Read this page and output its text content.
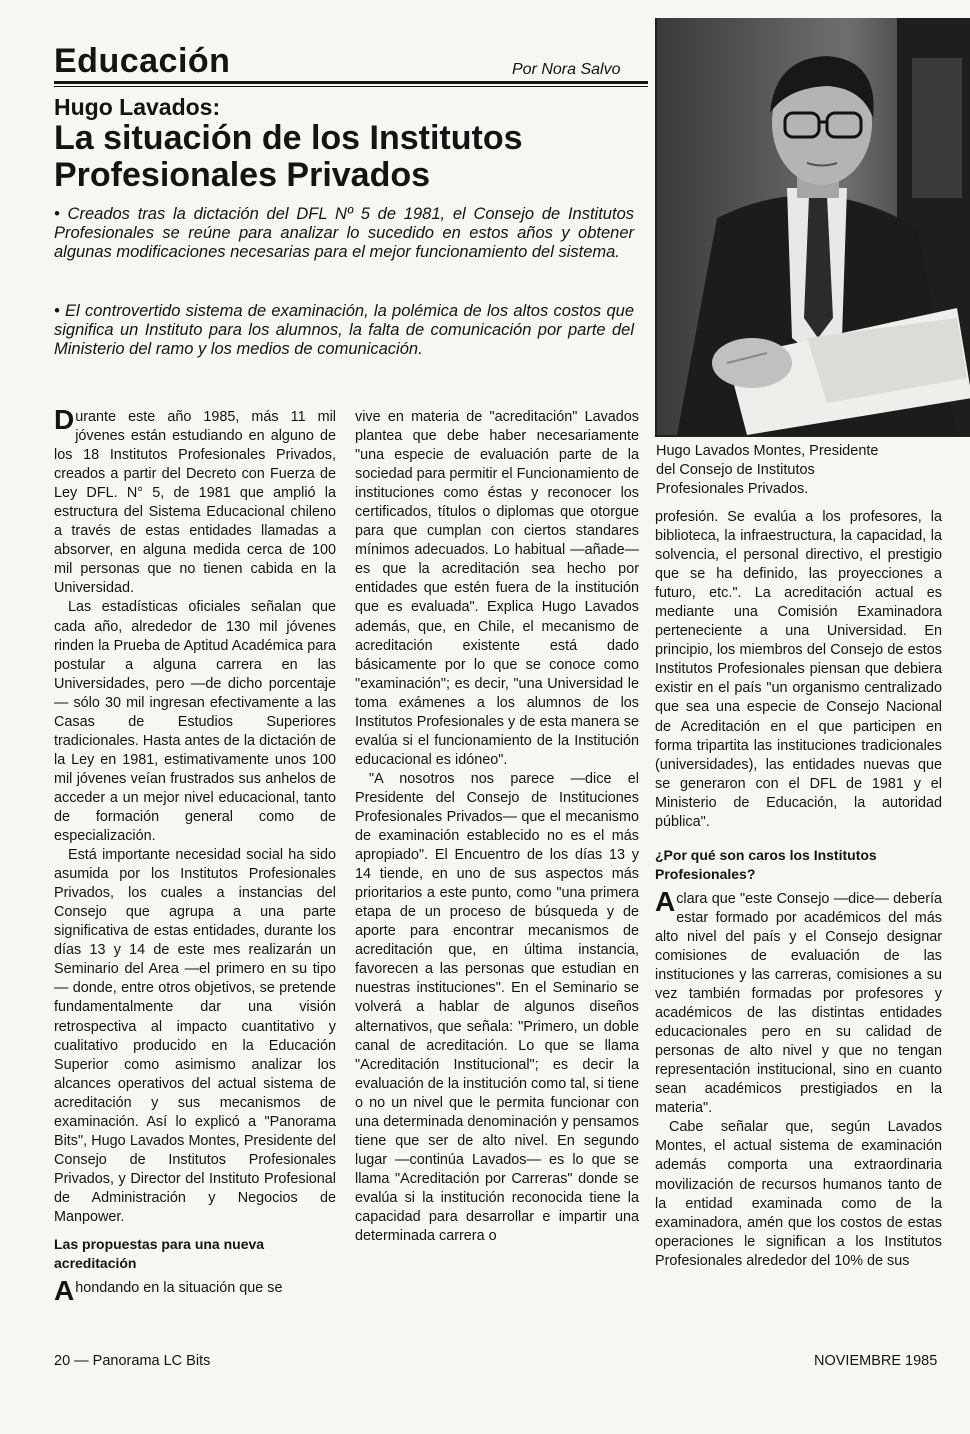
Educación	Por Nora Salvo
Hugo Lavados:
La situación de los Institutos Profesionales Privados
• Creados tras la dictación del DFL Nº 5 de 1981, el Consejo de Institutos Profesionales se reúne para analizar lo sucedido en estos años y obtener algunas modificaciones necesarias para el mejor funcionamiento del sistema.
• El controvertido sistema de examinación, la polémica de los altos costos que significa un Instituto para los alumnos, la falta de comunicación por parte del Ministerio del ramo y los medios de comunicación.
Hugo Lavados Montes, Presidente del Consejo de Institutos Profesionales Privados.

Durante este año 1985, más 11 mil jóvenes están estudiando en alguno de los 18 Institutos Profesionales Privados, creados a partir del Decreto con Fuerza de Ley DFL. N° 5, de 1981 que amplió la estructura del Sistema Educacional chileno a través de estas entidades llamadas a absorver, en alguna medida cerca de 100 mil personas que no tienen cabida en la Universidad.

Las estadísticas oficiales señalan que cada año, alrededor de 130 mil jóvenes rinden la Prueba de Aptitud Académica para postular a alguna carrera en las Universidades, pero —de dicho porcentaje— sólo 30 mil ingresan efectivamente a las Casas de Estudios Superiores tradicionales. Hasta antes de la dictación de la Ley en 1981, estimativamente unos 100 mil jóvenes veían frustrados sus anhelos de acceder a un mejor nivel educacional, tanto de formación general como de especialización.

Está importante necesidad social ha sido asumida por los Institutos Profesionales Privados, los cuales a instancias del Consejo que agrupa a una parte significativa de estas entidades, durante los días 13 y 14 de este mes realizarán un Seminario del Area —el primero en su tipo— donde, entre otros objetivos, se pretende fundamentalmente dar una visión retrospectiva al impacto cuantitativo y cualitativo producido en la Educación Superior como asimismo analizar los alcances operativos del actual sistema de acreditación y sus mecanismos de examinación. Así lo explicó a "Panorama Bits", Hugo Lavados Montes, Presidente del Consejo de Institutos Profesionales Privados, y Director del Instituto Profesional de Administración y Negocios de Manpower.

Las propuestas para una nueva acreditación

Ahondando en la situación que se

vive en materia de "acreditación" Lavados plantea que debe haber necesariamente "una especie de evaluación parte de la sociedad para permitir el Funcionamiento de instituciones como éstas y reconocer los certificados, títulos o diplomas que otorgue para que cumplan con ciertos standares mínimos adecuados. Lo habitual —añade— es que la acreditación sea hecho por entidades que estén fuera de la institución que es evaluada". Explica Hugo Lavados además, que, en Chile, el mecanismo de acreditación existente está dado básicamente por lo que se conoce como "examinación"; es decir, "una Universidad le toma exámenes a los alumnos de los Institutos Profesionales y de esta manera se evalúa si el funcionamiento de la Institución educacional es idóneo".

"A nosotros nos parece —dice el Presidente del Consejo de Instituciones Profesionales Privados— que el mecanismo de examinación establecido no es el más apropiado". El Encuentro de los días 13 y 14 tiende, en uno de sus aspectos más prioritarios a este punto, como "una primera etapa de un proceso de búsqueda y de aporte para encontrar mecanismos de acreditación que, en última instancia, favorecen a las personas que estudian en nuestras instituciones". En el Seminario se volverá a hablar de algunos diseños alternativos, que señala: "Primero, un doble canal de acreditación. Lo que se llama "Acreditación Institucional"; es decir la evaluación de la institución como tal, si tiene o no un nivel que le permita funcionar con una determinada denominación y pensamos tiene que ser de alto nivel. En segundo lugar —continúa Lavados— es lo que se llama "Acreditación por Carreras" donde se evalúa si la institución reconocida tiene la capacidad para desarrollar e impartir una determinada carrera o

profesión. Se evalúa a los profesores, la biblioteca, la infraestructura, la capacidad, la solvencia, el personal directivo, el prestigio que se ha definido, las proyecciones a futuro, etc.". La acreditación actual es mediante una Comisión Examinadora perteneciente a una Universidad. En principio, los miembros del Consejo de estos Institutos Profesionales piensan que debiera existir en el país "un organismo centralizado que sea una especie de Consejo Nacional de Acreditación en el que participen en forma tripartita las instituciones tradicionales (universidades), las entidades nuevas que se generaron con el DFL de 1981 y el Ministerio de Educación, la autoridad pública".

¿Por qué son caros los Institutos Profesionales?

Aclara que "este Consejo —dice— debería estar formado por académicos del más alto nivel del país y el Consejo designar comisiones de evaluación de las instituciones y las carreras, comisiones a su vez también formadas por profesores y académicos de las distintas entidades educacionales pero en su calidad de personas de alto nivel y que no tengan representación institucional, sino en cuanto sean académicos prestigiados en la materia".

Cabe señalar que, según Lavados Montes, el actual sistema de examinación además comporta una extraordinaria movilización de recursos humanos tanto de la entidad examinada como de la examinadora, amén que los costos de estas operaciones le significan a los Institutos Profesionales alrededor del 10% de sus

20 — Panorama LC Bits	NOVIEMBRE 1985
